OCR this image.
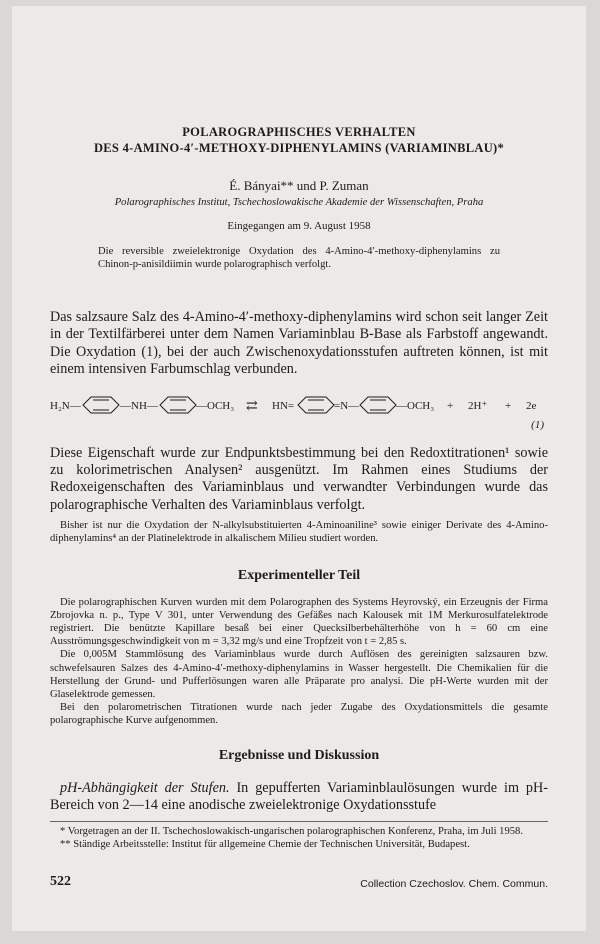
POLAROGRAPHISCHES VERHALTEN
DES 4-AMINO-4′-METHOXY-DIPHENYLAMINS (VARIAMINBLAU)*
É. Bányai** und P. Zuman
Polarographisches Institut, Tschechoslowakische Akademie der Wissenschaften, Praha
Eingegangen am 9. August 1958
Die reversible zweielektronige Oxydation des 4-Amino-4′-methoxy-diphenylamins zu Chinon-p-anisildiimin wurde polarographisch verfolgt.
Das salzsaure Salz des 4-Amino-4′-methoxy-diphenylamins wird schon seit langer Zeit in der Textilfärberei unter dem Namen Variaminblau B-Base als Farbstoff angewandt. Die Oxydation (1), bei der auch Zwischenoxydationsstufen auftreten können, ist mit einem intensiven Farbumschlag verbunden.
H₂N—	—NH—	—OCH₃ ⇄ HN=	=N—	—OCH₃ + 2H⁺ + 2e
(1)
Diese Eigenschaft wurde zur Endpunktsbestimmung bei den Redoxtitrationen¹ sowie zu kolorimetrischen Analysen² ausgenützt. Im Rahmen eines Studiums der Redoxeigenschaften des Variaminblaus und verwandter Verbindungen wurde das polarographische Verhalten des Variaminblaus verfolgt.
Bisher ist nur die Oxydation der N-alkylsubstituierten 4-Aminoaniline³ sowie einiger Derivate des 4-Amino-diphenylamins⁴ an der Platinelektrode in alkalischem Milieu studiert worden.
Experimenteller Teil
Die polarographischen Kurven wurden mit dem Polarographen des Systems Heyrovský, ein Erzeugnis der Firma Zbrojovka n. p., Type V 301, unter Verwendung des Gefäßes nach Kalousek mit 1M Merkurosulfatelektrode registriert. Die benützte Kapillare besaß bei einer Quecksilberbehälterhöhe von h = 60 cm eine Ausströmungsgeschwindigkeit von m = 3,32 mg/s und eine Tropfzeit von t = 2,85 s.
Die 0,005M Stammlösung des Variaminblaus wurde durch Auflösen des gereinigten salzsauren bzw. schwefelsauren Salzes des 4-Amino-4′-methoxy-diphenylamins in Wasser hergestellt. Die Chemikalien für die Herstellung der Grund- und Pufferlösungen waren alle Präparate pro analysi. Die pH-Werte wurden mit der Glaselektrode gemessen.
Bei den polarometrischen Titrationen wurde nach jeder Zugabe des Oxydationsmittels die gesamte polarographische Kurve aufgenommen.
Ergebnisse und Diskussion
pH-Abhängigkeit der Stufen. In gepufferten Variaminblaulösungen wurde im pH-Bereich von 2—14 eine anodische zweielektronige Oxydationsstufe
* Vorgetragen an der II. Tschechoslowakisch-ungarischen polarographischen Konferenz, Praha, im Juli 1958.
** Ständige Arbeitsstelle: Institut für allgemeine Chemie der Technischen Universität, Budapest.
522	Collection Czechoslov. Chem. Commun.
